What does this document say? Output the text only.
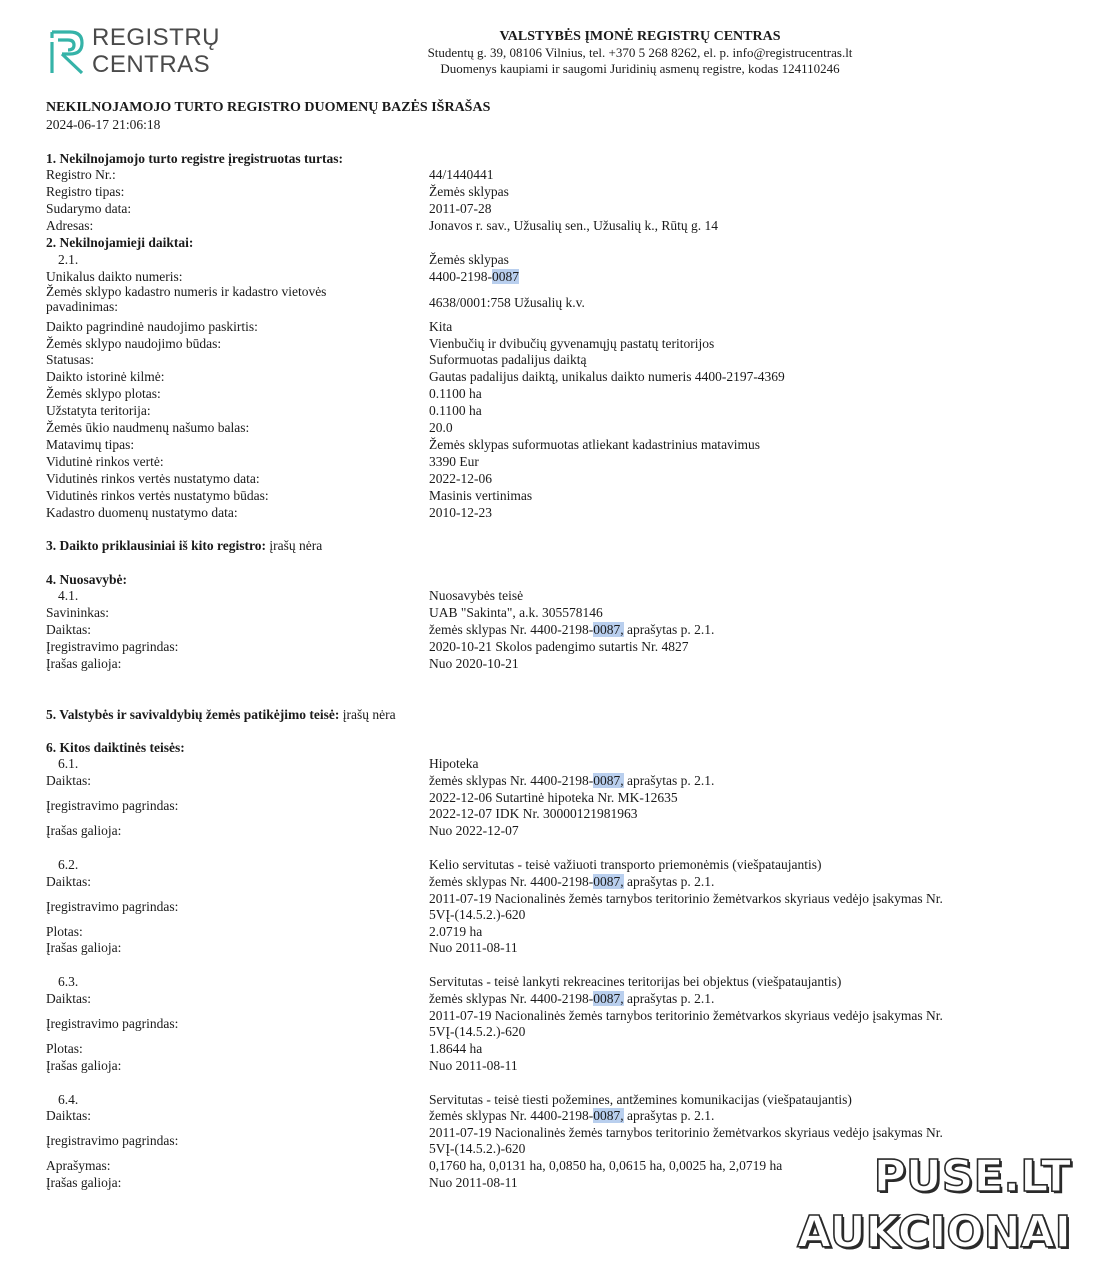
REGISTRŲ
CENTRAS
VALSTYBĖS ĮMONĖ REGISTRŲ CENTRAS
Studentų g. 39, 08106 Vilnius, tel. +370 5 268 8262, el. p. info@registrucentras.lt
Duomenys kaupiami ir saugomi Juridinių asmenų registre, kodas 124110246
NEKILNOJAMOJO TURTO REGISTRO DUOMENŲ BAZĖS IŠRAŠAS
2024-06-17 21:06:18
1. Nekilnojamojo turto registre įregistruotas turtas:
Registro Nr.:	44/1440441
Registro tipas:	Žemės sklypas
Sudarymo data:	2011-07-28
Adresas:	Jonavos r. sav., Užusalių sen., Užusalių k., Rūtų g. 14
2. Nekilnojamieji daiktai:
2.1.	Žemės sklypas
Unikalus daikto numeris:	4400-2198-0087
Žemės sklypo kadastro numeris ir kadastro vietovės pavadinimas:	4638/0001:758 Užusalių k.v.
Daikto pagrindinė naudojimo paskirtis:	Kita
Žemės sklypo naudojimo būdas:	Vienbučių ir dvibučių gyvenamųjų pastatų teritorijos
Statusas:	Suformuotas padalijus daiktą
Daikto istorinė kilmė:	Gautas padalijus daiktą, unikalus daikto numeris 4400-2197-4369
Žemės sklypo plotas:	0.1100 ha
Užstatyta teritorija:	0.1100 ha
Žemės ūkio naudmenų našumo balas:	20.0
Matavimų tipas:	Žemės sklypas suformuotas atliekant kadastrinius matavimus
Vidutinė rinkos vertė:	3390 Eur
Vidutinės rinkos vertės nustatymo data:	2022-12-06
Vidutinės rinkos vertės nustatymo būdas:	Masinis vertinimas
Kadastro duomenų nustatymo data:	2010-12-23
3. Daikto priklausiniai iš kito registro: įrašų nėra
4. Nuosavybė:
4.1.	Nuosavybės teisė
Savininkas:	UAB "Sakinta", a.k. 305578146
Daiktas:	žemės sklypas Nr. 4400-2198-0087, aprašytas p. 2.1.
Įregistravimo pagrindas:	2020-10-21 Skolos padengimo sutartis Nr. 4827
Įrašas galioja:	Nuo 2020-10-21
5. Valstybės ir savivaldybių žemės patikėjimo teisė: įrašų nėra
6. Kitos daiktinės teisės:
6.1.	Hipoteka
Daiktas:	žemės sklypas Nr. 4400-2198-0087, aprašytas p. 2.1.
Įregistravimo pagrindas:
2022-12-06 Sutartinė hipoteka Nr. MK-12635
2022-12-07 IDK Nr. 30000121981963
Įrašas galioja:	Nuo 2022-12-07
6.2.	Kelio servitutas - teisė važiuoti transporto priemonėmis (viešpataujantis)
Daiktas:	žemės sklypas Nr. 4400-2198-0087, aprašytas p. 2.1.
Įregistravimo pagrindas:
2011-07-19 Nacionalinės žemės tarnybos teritorinio žemėtvarkos skyriaus vedėjo įsakymas Nr.
5VĮ-(14.5.2.)-620
Plotas:	2.0719 ha
Įrašas galioja:	Nuo 2011-08-11
6.3.	Servitutas - teisė lankyti rekreacines teritorijas bei objektus (viešpataujantis)
Daiktas:	žemės sklypas Nr. 4400-2198-0087, aprašytas p. 2.1.
Įregistravimo pagrindas:
2011-07-19 Nacionalinės žemės tarnybos teritorinio žemėtvarkos skyriaus vedėjo įsakymas Nr.
5VĮ-(14.5.2.)-620
Plotas:	1.8644 ha
Įrašas galioja:	Nuo 2011-08-11
6.4.	Servitutas - teisė tiesti požemines, antžemines komunikacijas (viešpataujantis)
Daiktas:	žemės sklypas Nr. 4400-2198-0087, aprašytas p. 2.1.
Įregistravimo pagrindas:
2011-07-19 Nacionalinės žemės tarnybos teritorinio žemėtvarkos skyriaus vedėjo įsakymas Nr.
5VĮ-(14.5.2.)-620
Aprašymas:	0,1760 ha, 0,0131 ha, 0,0850 ha, 0,0615 ha, 0,0025 ha, 2,0719 ha
Įrašas galioja:	Nuo 2011-08-11	PUSE.LT
AUKCIONAI
